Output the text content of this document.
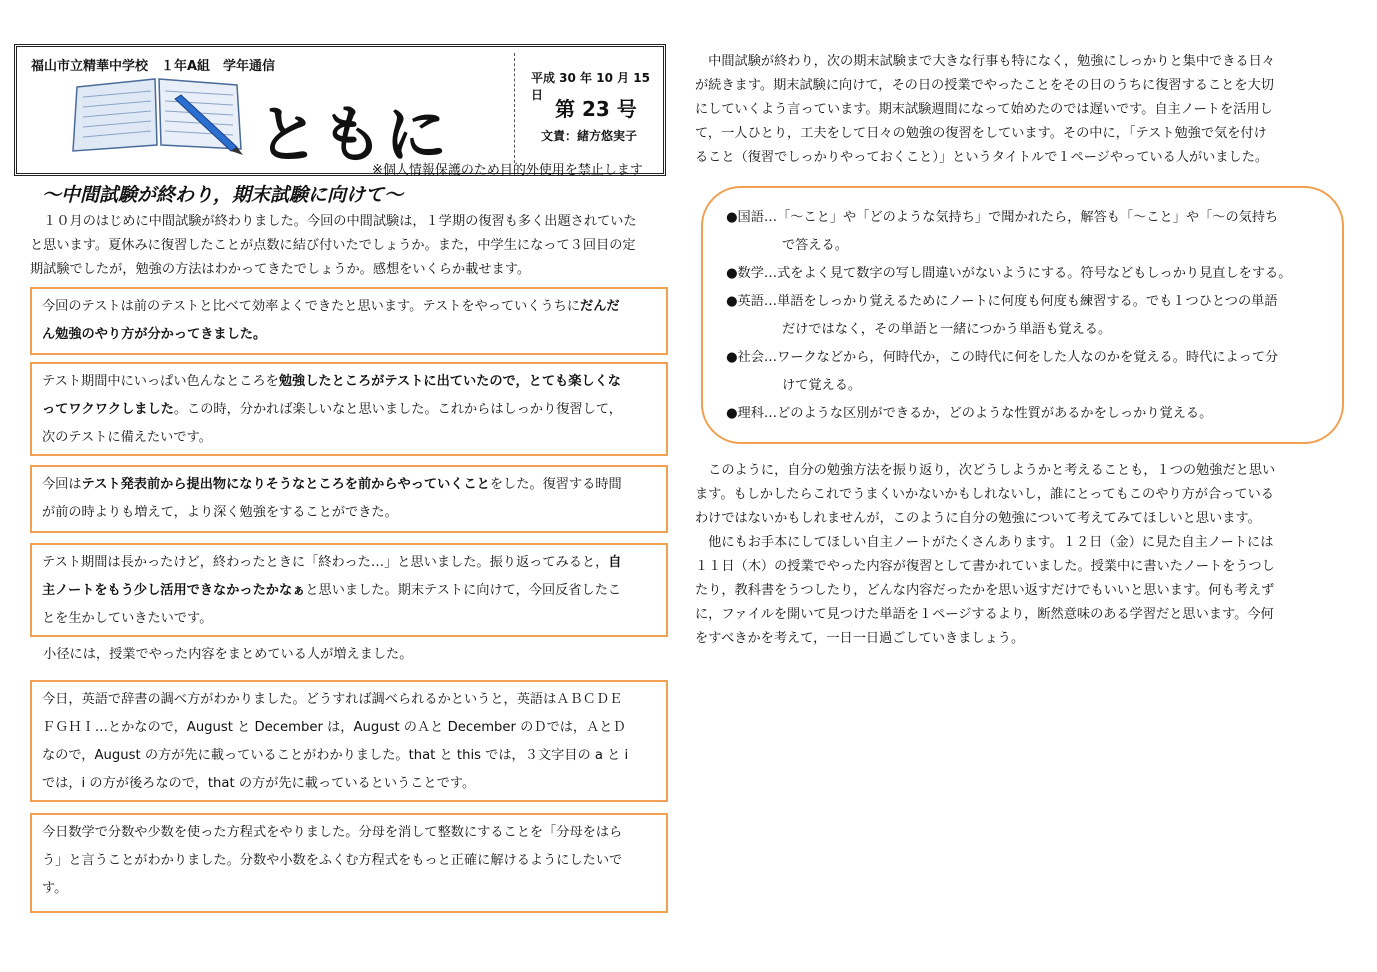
福山市立精華中学校　１年A組　学年通信
ともに
平成 30 年 10 月 15 日
第 23 号
文責：緒方悠実子
※個人情報保護のため目的外使用を禁止します
〜中間試験が終わり，期末試験に向けて〜
　１０月のはじめに中間試験が終わりました。今回の中間試験は，１学期の復習も多く出題されていた
と思います。夏休みに復習したことが点数に結び付いたでしょうか。また，中学生になって３回目の定
期試験でしたが，勉強の方法はわかってきたでしょうか。感想をいくらか載せます。
今回のテストは前のテストと比べて効率よくできたと思います。テストをやっていくうちにだんだ
ん勉強のやり方が分かってきました。
テスト期間中にいっぱい色んなところを勉強したところがテストに出ていたので，とても楽しくな
ってワクワクしました。この時，分かれば楽しいなと思いました。これからはしっかり復習して，
次のテストに備えたいです。
今回はテスト発表前から提出物になりそうなところを前からやっていくことをした。復習する時間
が前の時よりも増えて，より深く勉強をすることができた。
テスト期間は長かったけど，終わったときに「終わった…」と思いました。振り返ってみると，自
主ノートをもう少し活用できなかったかなぁと思いました。期末テストに向けて，今回反省したこ
とを生かしていきたいです。
　小径には，授業でやった内容をまとめている人が増えました。
今日，英語で辞書の調べ方がわかりました。どうすれば調べられるかというと，英語はＡＢＣＤＥ
ＦＧＨＩ…とかなので，August と December は，August のＡと December のＤでは，ＡとＤ
なので，August の方が先に載っていることがわかりました。that と this では，３文字目の a と i
では，i の方が後ろなので，that の方が先に載っているということです。
今日数学で分数や少数を使った方程式をやりました。分母を消して整数にすることを「分母をはら
う」と言うことがわかりました。分数や小数をふくむ方程式をもっと正確に解けるようにしたいで
す。
　中間試験が終わり，次の期末試験まで大きな行事も特になく，勉強にしっかりと集中できる日々
が続きます。期末試験に向けて，その日の授業でやったことをその日のうちに復習することを大切
にしていくよう言っています。期末試験週間になって始めたのでは遅いです。自主ノートを活用し
て，一人ひとり，工夫をして日々の勉強の復習をしています。その中に，「テスト勉強で気を付け
ること（復習でしっかりやっておくこと）」というタイトルで１ページやっている人がいました。
●国語…「〜こと」や「どのような気持ち」で聞かれたら，解答も「〜こと」や「〜の気持ち
で答える。
●数学…式をよく見て数字の写し間違いがないようにする。符号などもしっかり見直しをする。
●英語…単語をしっかり覚えるためにノートに何度も何度も練習する。でも１つひとつの単語
だけではなく，その単語と一緒につかう単語も覚える。
●社会…ワークなどから，何時代か，この時代に何をした人なのかを覚える。時代によって分
けて覚える。
●理科…どのような区別ができるか，どのような性質があるかをしっかり覚える。
　このように，自分の勉強方法を振り返り，次どうしようかと考えることも，１つの勉強だと思い
ます。もしかしたらこれでうまくいかないかもしれないし，誰にとってもこのやり方が合っている
わけではないかもしれませんが，このように自分の勉強について考えてみてほしいと思います。
　他にもお手本にしてほしい自主ノートがたくさんあります。１２日（金）に見た自主ノートには
１１日（木）の授業でやった内容が復習として書かれていました。授業中に書いたノートをうつし
たり，教科書をうつしたり，どんな内容だったかを思い返すだけでもいいと思います。何も考えず
に，ファイルを開いて見つけた単語を１ページするより，断然意味のある学習だと思います。今何
をすべきかを考えて，一日一日過ごしていきましょう。
